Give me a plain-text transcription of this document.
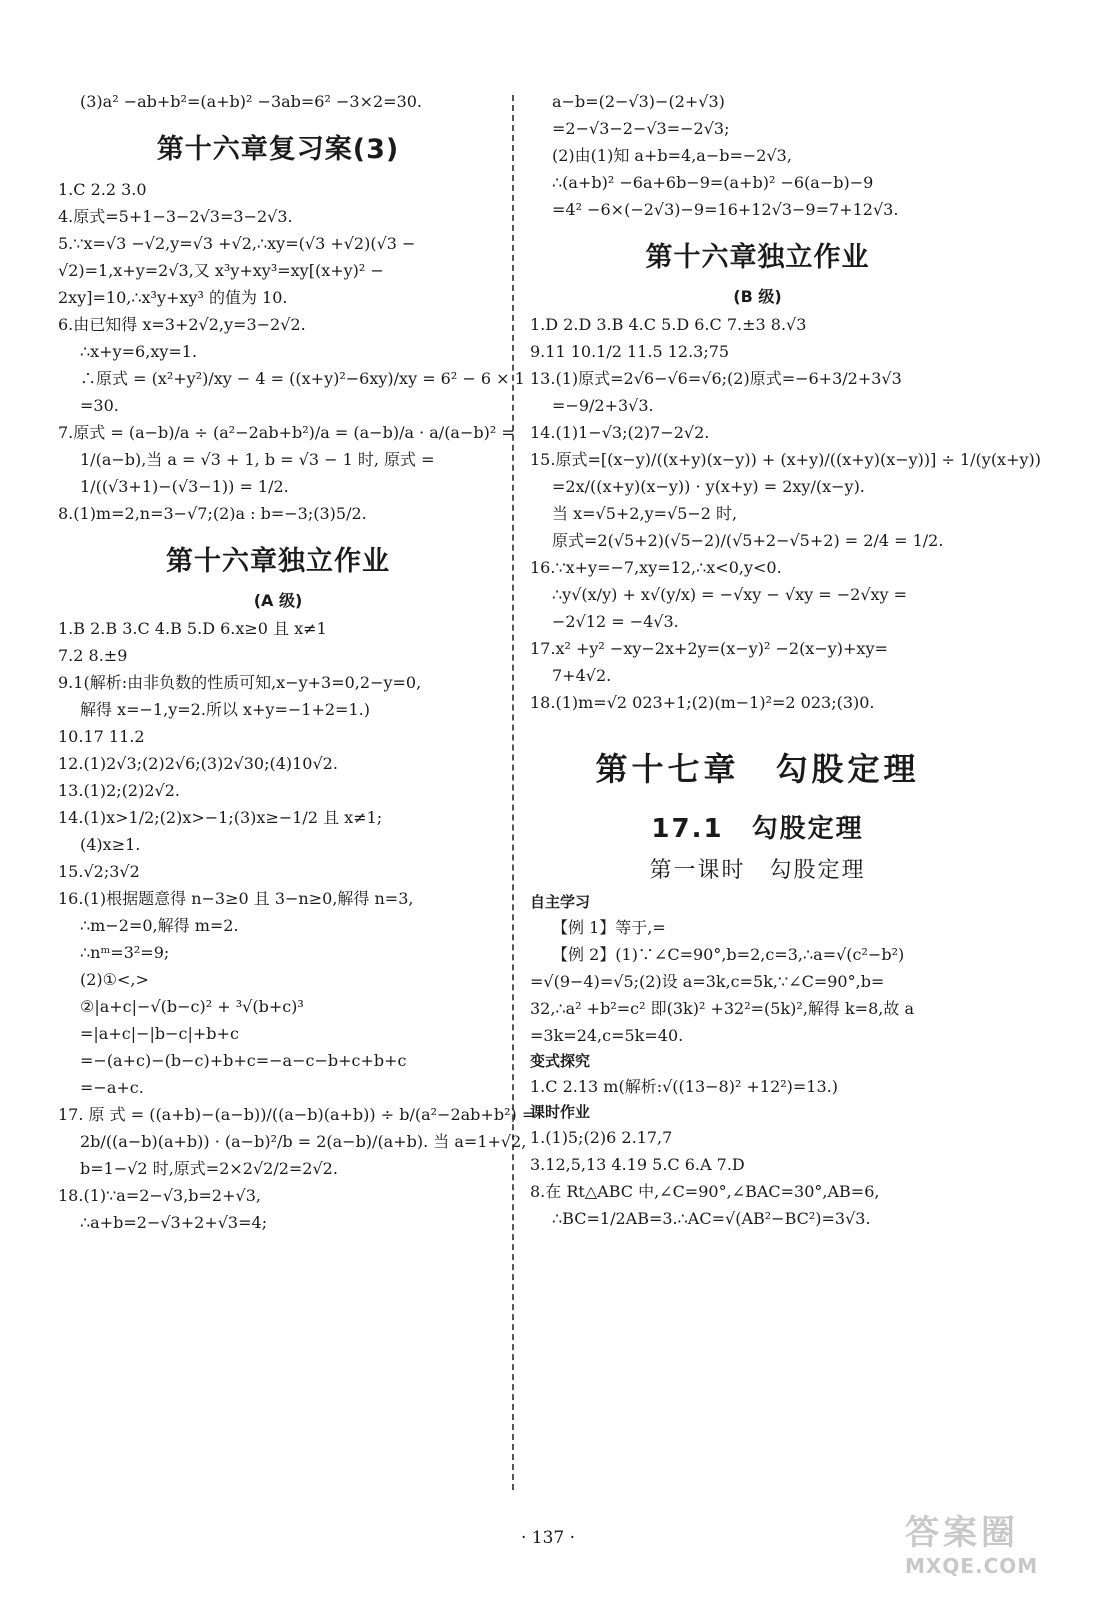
(3)a² −ab+b²=(a+b)² −3ab=6² −3×2=30.
第十六章复习案(3)
1.C 2.2 3.0
4.原式=5+1−3−2√3=3−2√3.
5.∵x=√3 −√2,y=√3 +√2,∴xy=(√3 +√2)(√3 −
√2)=1,x+y=2√3,又 x³y+xy³=xy[(x+y)² −
2xy]=10,∴x³y+xy³ 的值为 10.
6.由已知得 x=3+2√2,y=3−2√2.
∴x+y=6,xy=1.
∴原式 = (x²+y²)/xy − 4 = ((x+y)²−6xy)/xy = 6² − 6 × 1
=30.
7.原式 = (a−b)/a ÷ (a²−2ab+b²)/a = (a−b)/a · a/(a−b)² =
1/(a−b),当 a = √3 + 1, b = √3 − 1 时, 原式 =
1/((√3+1)−(√3−1)) = 1/2.
8.(1)m=2,n=3−√7;(2)a : b=−3;(3)5/2.
第十六章独立作业
(A 级)
1.B 2.B 3.C 4.B 5.D 6.x≥0 且 x≠1
7.2 8.±9
9.1(解析:由非负数的性质可知,x−y+3=0,2−y=0,
解得 x=−1,y=2.所以 x+y=−1+2=1.)
10.17 11.2
12.(1)2√3;(2)2√6;(3)2√30;(4)10√2.
13.(1)2;(2)2√2.
14.(1)x>1/2;(2)x>−1;(3)x≥−1/2 且 x≠1;
(4)x≥1.
15.√2;3√2
16.(1)根据题意得 n−3≥0 且 3−n≥0,解得 n=3,
∴m−2=0,解得 m=2.
∴nᵐ=3²=9;
(2)①<,>
②|a+c|−√(b−c)² + ³√(b+c)³
=|a+c|−|b−c|+b+c
=−(a+c)−(b−c)+b+c=−a−c−b+c+b+c
=−a+c.
17. 原 式 = ((a+b)−(a−b))/((a−b)(a+b)) ÷ b/(a²−2ab+b²) =
2b/((a−b)(a+b)) · (a−b)²/b = 2(a−b)/(a+b). 当 a=1+√2,
b=1−√2 时,原式=2×2√2/2=2√2.
18.(1)∵a=2−√3,b=2+√3,
∴a+b=2−√3+2+√3=4;
a−b=(2−√3)−(2+√3)
=2−√3−2−√3=−2√3;
(2)由(1)知 a+b=4,a−b=−2√3,
∴(a+b)² −6a+6b−9=(a+b)² −6(a−b)−9
=4² −6×(−2√3)−9=16+12√3−9=7+12√3.
第十六章独立作业
(B 级)
1.D 2.D 3.B 4.C 5.D 6.C 7.±3 8.√3
9.11 10.1/2 11.5 12.3;75
13.(1)原式=2√6−√6=√6;(2)原式=−6+3/2+3√3
=−9/2+3√3.
14.(1)1−√3;(2)7−2√2.
15.原式=[(x−y)/((x+y)(x−y)) + (x+y)/((x+y)(x−y))] ÷ 1/(y(x+y))
=2x/((x+y)(x−y)) · y(x+y) = 2xy/(x−y).
当 x=√5+2,y=√5−2 时,
原式=2(√5+2)(√5−2)/(√5+2−√5+2) = 2/4 = 1/2.
16.∵x+y=−7,xy=12,∴x<0,y<0.
∴y√(x/y) + x√(y/x) = −√xy − √xy = −2√xy =
−2√12 = −4√3.
17.x² +y² −xy−2x+2y=(x−y)² −2(x−y)+xy=
7+4√2.
18.(1)m=√2 023+1;(2)(m−1)²=2 023;(3)0.
第十七章　勾股定理
17.1　勾股定理
第一课时　勾股定理
自主学习
【例 1】等于,=
【例 2】(1)∵∠C=90°,b=2,c=3,∴a=√(c²−b²)
=√(9−4)=√5;(2)设 a=3k,c=5k,∵∠C=90°,b=
32,∴a² +b²=c² 即(3k)² +32²=(5k)²,解得 k=8,故 a
=3k=24,c=5k=40.
变式探究
1.C 2.13 m(解析:√((13−8)² +12²)=13.)
课时作业
1.(1)5;(2)6 2.17,7
3.12,5,13 4.19 5.C 6.A 7.D
8.在 Rt△ABC 中,∠C=90°,∠BAC=30°,AB=6,
∴BC=1/2AB=3.∴AC=√(AB²−BC²)=3√3.
· 137 ·	答案圈
MXQE.COM
